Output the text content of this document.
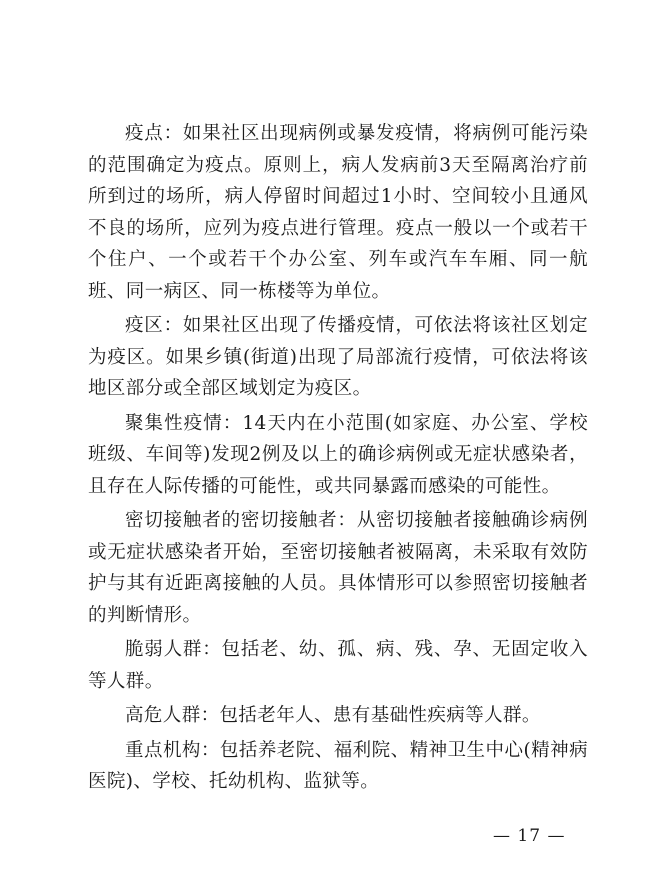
疫点：如果社区出现病例或暴发疫情，将病例可能污染的范围确定为疫点。原则上，病人发病前3天至隔离治疗前所到过的场所，病人停留时间超过1小时、空间较小且通风不良的场所，应列为疫点进行管理。疫点一般以一个或若干个住户、一个或若干个办公室、列车或汽车车厢、同一航班、同一病区、同一栋楼等为单位。

疫区：如果社区出现了传播疫情，可依法将该社区划定为疫区。如果乡镇(街道)出现了局部流行疫情，可依法将该地区部分或全部区域划定为疫区。

聚集性疫情：14天内在小范围(如家庭、办公室、学校班级、车间等)发现2例及以上的确诊病例或无症状感染者，且存在人际传播的可能性，或共同暴露而感染的可能性。

密切接触者的密切接触者：从密切接触者接触确诊病例或无症状感染者开始，至密切接触者被隔离，未采取有效防护与其有近距离接触的人员。具体情形可以参照密切接触者的判断情形。

脆弱人群：包括老、幼、孤、病、残、孕、无固定收入等人群。

高危人群：包括老年人、患有基础性疾病等人群。

重点机构：包括养老院、福利院、精神卫生中心(精神病医院)、学校、托幼机构、监狱等。

— 17 —
